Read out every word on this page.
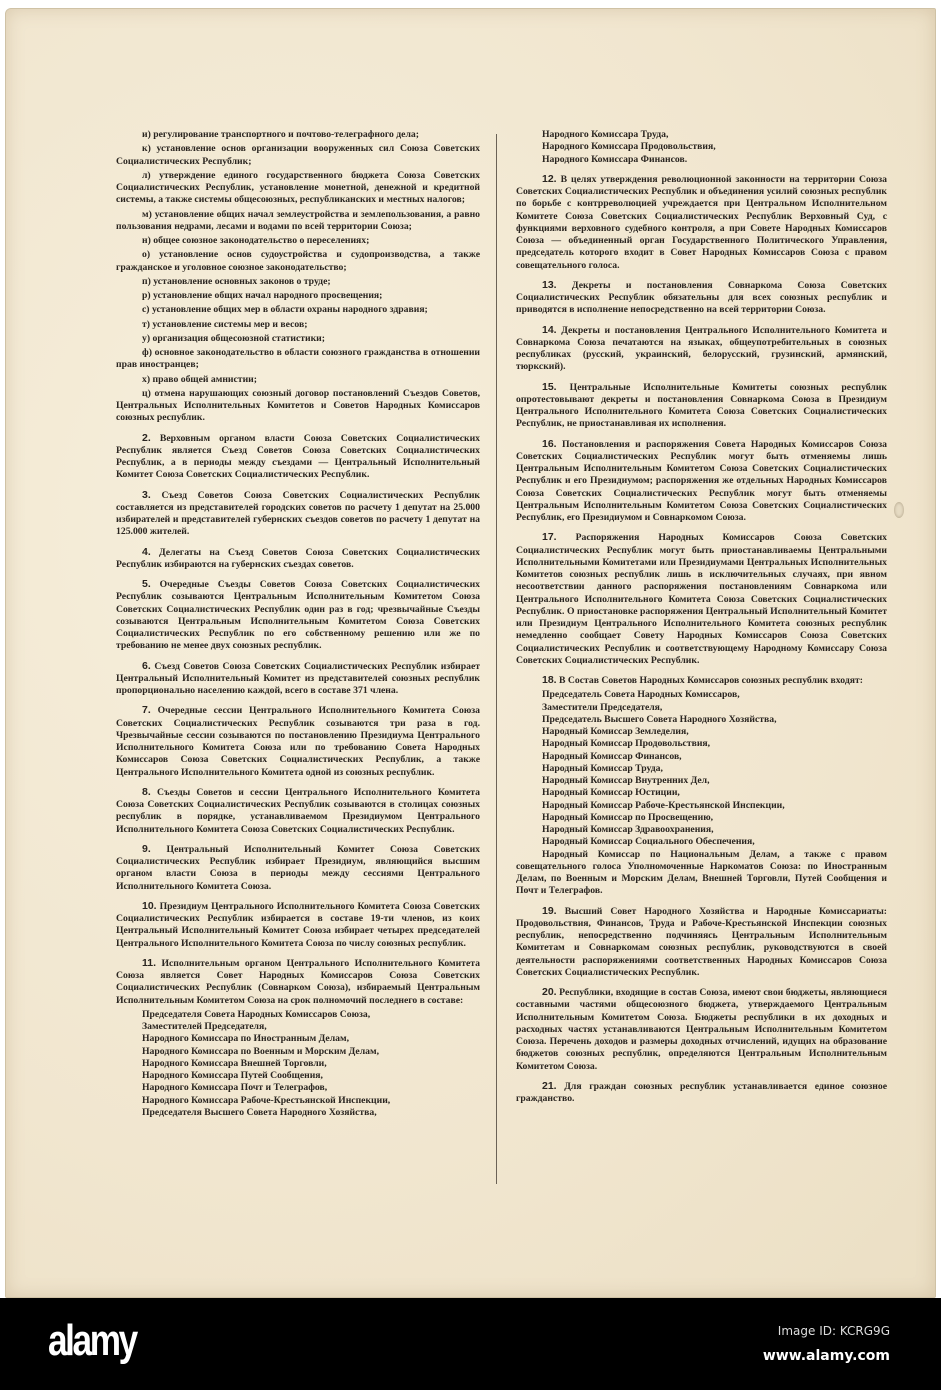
и) регулирование транспортного и почтово-телеграфного дела;
к) установление основ организации вооруженных сил Союза Советских Социалистических Республик;
л) утверждение единого государственного бюджета Союза Советских Социалистических Республик, установление монетной, денежной и кредитной системы, а также системы общесоюзных, республиканских и местных налогов;
м) установление общих начал землеустройства и землепользования, а равно пользования недрами, лесами и водами по всей территории Союза;
н) общее союзное законодательство о переселениях;
о) установление основ судоустройства и судопроизводства, а также гражданское и уголовное союзное законодательство;
п) установление основных законов о труде;
р) установление общих начал народного просвещения;
с) установление общих мер в области охраны народного здравия;
т) установление системы мер и весов;
у) организация общесоюзной статистики;
ф) основное законодательство в области союзного гражданства в отношении прав иностранцев;
х) право общей амнистии;
ц) отмена нарушающих союзный договор постановлений Съездов Советов, Центральных Исполнительных Комитетов и Советов Народных Комиссаров союзных республик.
2. Верховным органом власти Союза Советских Социалистических Республик является Съезд Советов Союза Советских Социалистических Республик, а в периоды между съездами — Центральный Исполнительный Комитет Союза Советских Социалистических Республик.
3. Съезд Советов Союза Советских Социалистических Республик составляется из представителей городских советов по расчету 1 депутат на 25.000 избирателей и представителей губернских съездов советов по расчету 1 депутат на 125.000 жителей.
4. Делегаты на Съезд Советов Союза Советских Социалистических Республик избираются на губернских съездах советов.
5. Очередные Съезды Советов Союза Советских Социалистических Республик созываются Центральным Исполнительным Комитетом Союза Советских Социалистических Республик один раз в год; чрезвычайные Съезды созываются Центральным Исполнительным Комитетом Союза Советских Социалистических Республик по его собственному решению или же по требованию не менее двух союзных республик.
6. Съезд Советов Союза Советских Социалистических Республик избирает Центральный Исполнительный Комитет из представителей союзных республик пропорционально населению каждой, всего в составе 371 члена.
7. Очередные сессии Центрального Исполнительного Комитета Союза Советских Социалистических Республик созываются три раза в год. Чрезвычайные сессии созываются по постановлению Президиума Центрального Исполнительного Комитета Союза или по требованию Совета Народных Комиссаров Союза Советских Социалистических Республик, а также Центрального Исполнительного Комитета одной из союзных республик.
8. Съезды Советов и сессии Центрального Исполнительного Комитета Союза Советских Социалистических Республик созываются в столицах союзных республик в порядке, устанавливаемом Президиумом Центрального Исполнительного Комитета Союза Советских Социалистических Республик.
9. Центральный Исполнительный Комитет Союза Советских Социалистических Республик избирает Президиум, являющийся высшим органом власти Союза в периоды между сессиями Центрального Исполнительного Комитета Союза.
10. Президиум Центрального Исполнительного Комитета Союза Советских Социалистических Республик избирается в составе 19-ти членов, из коих Центральный Исполнительный Комитет Союза избирает четырех председателей Центрального Исполнительного Комитета Союза по числу союзных республик.
11. Исполнительным органом Центрального Исполнительного Комитета Союза является Совет Народных Комиссаров Союза Советских Социалистических Республик (Совнарком Союза), избираемый Центральным Исполнительным Комитетом Союза на срок полномочий последнего в составе:
Председателя Совета Народных Комиссаров Союза,
Заместителей Председателя,
Народного Комиссара по Иностранным Делам,
Народного Комиссара по Военным и Морским Делам,
Народного Комиссара Внешней Торговли,
Народного Комиссара Путей Сообщения,
Народного Комиссара Почт и Телеграфов,
Народного Комиссара Рабоче-Крестьянской Инспекции,
Председателя Высшего Совета Народного Хозяйства,
Народного Комиссара Труда,
Народного Комиссара Продовольствия,
Народного Комиссара Финансов.
12. В целях утверждения революционной законности на территории Союза Советских Социалистических Республик и объединения усилий союзных республик по борьбе с контрреволюцией учреждается при Центральном Исполнительном Комитете Союза Советских Социалистических Республик Верховный Суд, с функциями верховного судебного контроля, а при Совете Народных Комиссаров Союза — объединенный орган Государственного Политического Управления, председатель которого входит в Совет Народных Комиссаров Союза с правом совещательного голоса.
13. Декреты и постановления Совнаркома Союза Советских Социалистических Республик обязательны для всех союзных республик и приводятся в исполнение непосредственно на всей территории Союза.
14. Декреты и постановления Центрального Исполнительного Комитета и Совнаркома Союза печатаются на языках, общеупотребительных в союзных республиках (русский, украинский, белорусский, грузинский, армянский, тюркский).
15. Центральные Исполнительные Комитеты союзных республик опротестовывают декреты и постановления Совнаркома Союза в Президиум Центрального Исполнительного Комитета Союза Советских Социалистических Республик, не приостанавливая их исполнения.
16. Постановления и распоряжения Совета Народных Комиссаров Союза Советских Социалистических Республик могут быть отменяемы лишь Центральным Исполнительным Комитетом Союза Советских Социалистических Республик и его Президиумом; распоряжения же отдельных Народных Комиссаров Союза Советских Социалистических Республик могут быть отменяемы Центральным Исполнительным Комитетом Союза Советских Социалистических Республик, его Президиумом и Совнаркомом Союза.
17. Распоряжения Народных Комиссаров Союза Советских Социалистических Республик могут быть приостанавливаемы Центральными Исполнительными Комитетами или Президиумами Центральных Исполнительных Комитетов союзных республик лишь в исключительных случаях, при явном несоответствии данного распоряжения постановлениям Совнаркома или Центрального Исполнительного Комитета Союза Советских Социалистических Республик. О приостановке распоряжения Центральный Исполнительный Комитет или Президиум Центрального Исполнительного Комитета союзных республик немедленно сообщает Совету Народных Комиссаров Союза Советских Социалистических Республик и соответствующему Народному Комиссару Союза Советских Социалистических Республик.
18. В Состав Советов Народных Комиссаров союзных республик входят:
Председатель Совета Народных Комиссаров,
Заместители Председателя,
Председатель Высшего Совета Народного Хозяйства,
Народный Комиссар Земледелия,
Народный Комиссар Продовольствия,
Народный Комиссар Финансов,
Народный Комиссар Труда,
Народный Комиссар Внутренних Дел,
Народный Комиссар Юстиции,
Народный Комиссар Рабоче-Крестьянской Инспекции,
Народный Комиссар по Просвещению,
Народный Комиссар Здравоохранения,
Народный Комиссар Социального Обеспечения,
Народный Комиссар по Национальным Делам, а также с правом совещательного голоса Уполномоченные Наркоматов Союза: по Иностранным Делам, по Военным и Морским Делам, Внешней Торговли, Путей Сообщения и Почт и Телеграфов.
19. Высший Совет Народного Хозяйства и Народные Комиссариаты: Продовольствия, Финансов, Труда и Рабоче-Крестьянской Инспекции союзных республик, непосредственно подчиняясь Центральным Исполнительным Комитетам и Совнаркомам союзных республик, руководствуются в своей деятельности распоряжениями соответственных Народных Комиссаров Союза Советских Социалистических Республик.
20. Республики, входящие в состав Союза, имеют свои бюджеты, являющиеся составными частями общесоюзного бюджета, утверждаемого Центральным Исполнительным Комитетом Союза. Бюджеты республики в их доходных и расходных частях устанавливаются Центральным Исполнительным Комитетом Союза. Перечень доходов и размеры доходных отчислений, идущих на образование бюджетов союзных республик, определяются Центральным Исполнительным Комитетом Союза.
21. Для граждан союзных республик устанавливается единое союзное гражданство.
alamy	Image ID: KCRG9G
www.alamy.com
